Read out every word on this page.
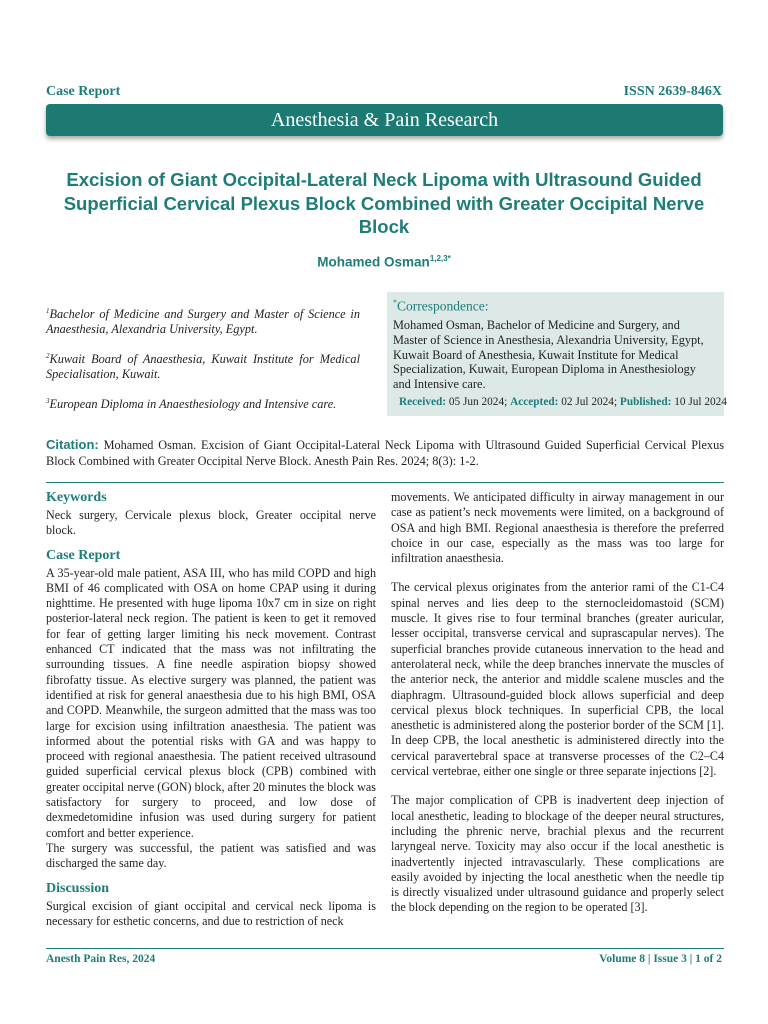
Case Report	ISSN 2639-846X
Anesthesia & Pain Research
Excision of Giant Occipital-Lateral Neck Lipoma with Ultrasound Guided Superficial Cervical Plexus Block Combined with Greater Occipital Nerve Block
Mohamed Osman$^{1,2,3*}$
$^1$Bachelor of Medicine and Surgery and Master of Science in Anaesthesia, Alexandria University, Egypt.
$^2$Kuwait Board of Anaesthesia, Kuwait Institute for Medical Specialisation, Kuwait.
$^3$European Diploma in Anaesthesiology and Intensive care.
*Correspondence:
Mohamed Osman, Bachelor of Medicine and Surgery, and Master of Science in Anesthesia, Alexandria University, Egypt, Kuwait Board of Anesthesia, Kuwait Institute for Medical Specialization, Kuwait, European Diploma in Anesthesiology and Intensive care.
Received: 05 Jun 2024; Accepted: 02 Jul 2024; Published: 10 Jul 2024
Citation: Mohamed Osman. Excision of Giant Occipital-Lateral Neck Lipoma with Ultrasound Guided Superficial Cervical Plexus Block Combined with Greater Occipital Nerve Block. Anesth Pain Res. 2024; 8(3): 1-2.
Keywords

Neck surgery, Cervicale plexus block, Greater occipital nerve block.

Case Report

A 35-year-old male patient, ASA III, who has mild COPD and high BMI of 46 complicated with OSA on home CPAP using it during nighttime. He presented with huge lipoma 10x7 cm in size on right posterior-lateral neck region. The patient is keen to get it removed for fear of getting larger limiting his neck movement. Contrast enhanced CT indicated that the mass was not infiltrating the surrounding tissues. A fine needle aspiration biopsy showed fibrofatty tissue. As elective surgery was planned, the patient was identified at risk for general anaesthesia due to his high BMI, OSA and COPD. Meanwhile, the surgeon admitted that the mass was too large for excision using infiltration anaesthesia. The patient was informed about the potential risks with GA and was happy to proceed with regional anaesthesia. The patient received ultrasound guided superficial cervical plexus block (CPB) combined with greater occipital nerve (GON) block, after 20 minutes the block was satisfactory for surgery to proceed, and low dose of dexmedetomidine infusion was used during surgery for patient comfort and better experience.

The surgery was successful, the patient was satisfied and was discharged the same day.

Discussion

Surgical excision of giant occipital and cervical neck lipoma is necessary for esthetic concerns, and due to restriction of neck

movements. We anticipated difficulty in airway management in our case as patient’s neck movements were limited, on a background of OSA and high BMI. Regional anaesthesia is therefore the preferred choice in our case, especially as the mass was too large for infiltration anaesthesia.

The cervical plexus originates from the anterior rami of the C1-C4 spinal nerves and lies deep to the sternocleidomastoid (SCM) muscle. It gives rise to four terminal branches (greater auricular, lesser occipital, transverse cervical and suprascapular nerves). The superficial branches provide cutaneous innervation to the head and anterolateral neck, while the deep branches innervate the muscles of the anterior neck, the anterior and middle scalene muscles and the diaphragm. Ultrasound-guided block allows superficial and deep cervical plexus block techniques. In superficial CPB, the local anesthetic is administered along the posterior border of the SCM [1]. In deep CPB, the local anesthetic is administered directly into the cervical paravertebral space at transverse processes of the C2–C4 cervical vertebrae, either one single or three separate injections [2].

The major complication of CPB is inadvertent deep injection of local anesthetic, leading to blockage of the deeper neural structures, including the phrenic nerve, brachial plexus and the recurrent laryngeal nerve. Toxicity may also occur if the local anesthetic is inadvertently injected intravascularly. These complications are easily avoided by injecting the local anesthetic when the needle tip is directly visualized under ultrasound guidance and properly select the block depending on the region to be operated [3].

Anesth Pain Res, 2024	Volume 8 | Issue 3 | 1 of 2
